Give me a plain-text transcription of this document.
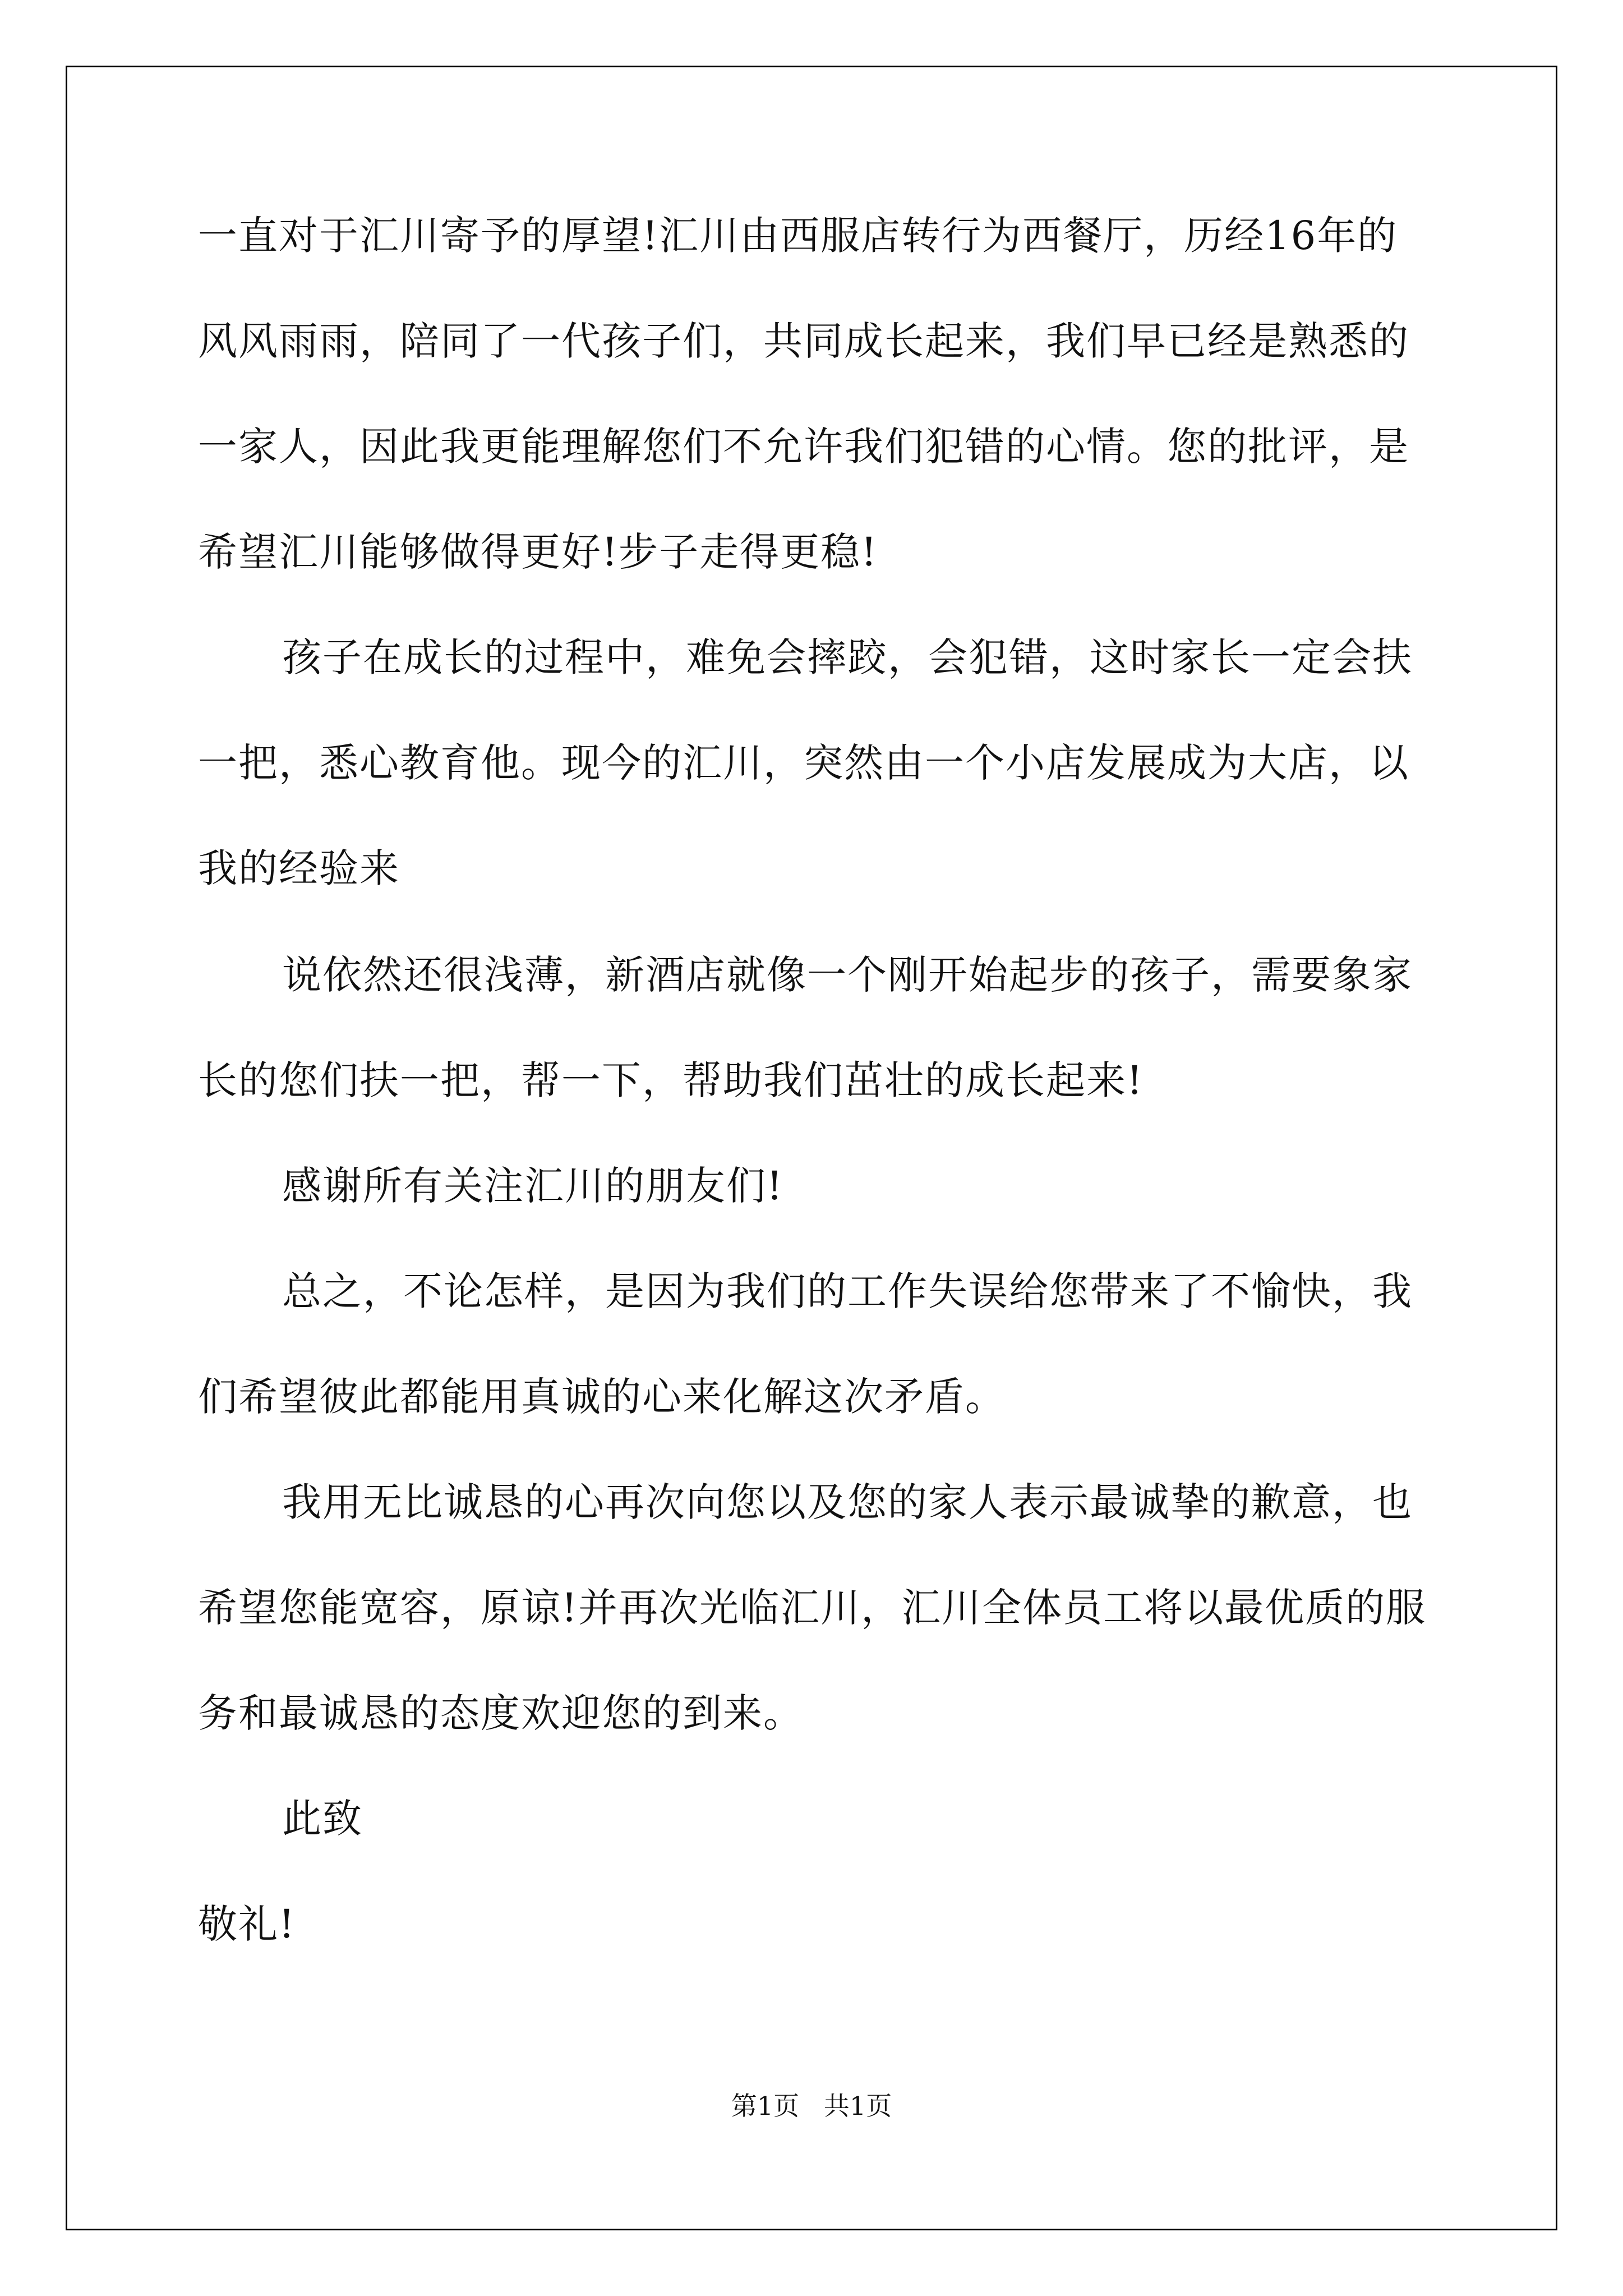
一直对于汇川寄予的厚望!汇川由西服店转行为西餐厅，历经16年的
风风雨雨，陪同了一代孩子们，共同成长起来，我们早已经是熟悉的
一家人，因此我更能理解您们不允许我们犯错的心情。您的批评，是
希望汇川能够做得更好!步子走得更稳!
孩子在成长的过程中，难免会摔跤，会犯错，这时家长一定会扶
一把，悉心教育他。现今的汇川，突然由一个小店发展成为大店，以
我的经验来
说依然还很浅薄，新酒店就像一个刚开始起步的孩子，需要象家
长的您们扶一把，帮一下，帮助我们茁壮的成长起来!
感谢所有关注汇川的朋友们!
总之，不论怎样，是因为我们的工作失误给您带来了不愉快，我
们希望彼此都能用真诚的心来化解这次矛盾。
我用无比诚恳的心再次向您以及您的家人表示最诚挚的歉意，也
希望您能宽容，原谅!并再次光临汇川，汇川全体员工将以最优质的服
务和最诚恳的态度欢迎您的到来。
此致
敬礼!
第1页   共1页
